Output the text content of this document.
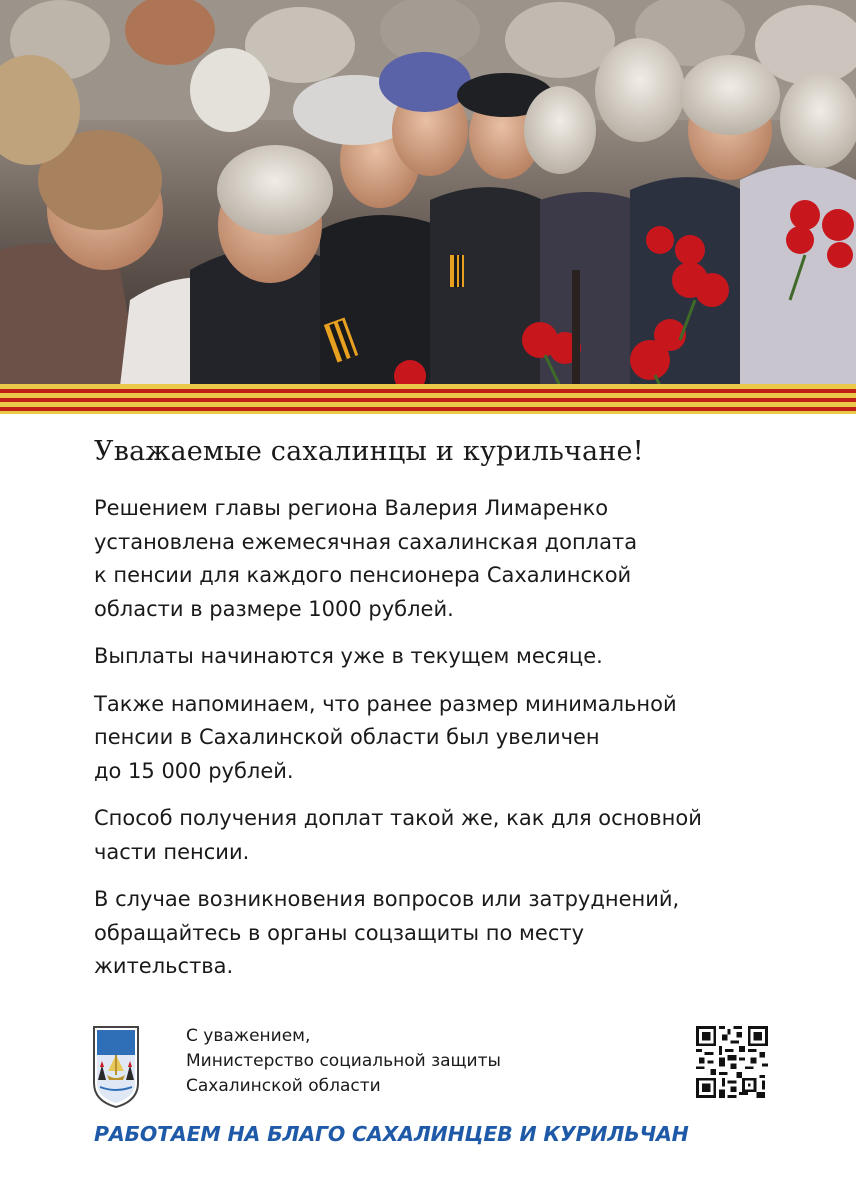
Уважаемые сахалинцы и курильчане!

Решением главы региона Валерия Лимаренко
установлена ежемесячная сахалинская доплата
к пенсии для каждого пенсионера Сахалинской
области в размере 1000 рублей.

Выплаты начинаются уже в текущем месяце.

Также напоминаем, что ранее размер минимальной
пенсии в Сахалинской области был увеличен
до 15 000 рублей.

Способ получения доплат такой же, как для основной
части пенсии.

В случае возникновения вопросов или затруднений,
обращайтесь в органы соцзащиты по месту
жительства.

С уважением,
Министерство социальной защиты
Сахалинской области
РАБОТАЕМ НА БЛАГО САХАЛИНЦЕВ И КУРИЛЬЧАН
